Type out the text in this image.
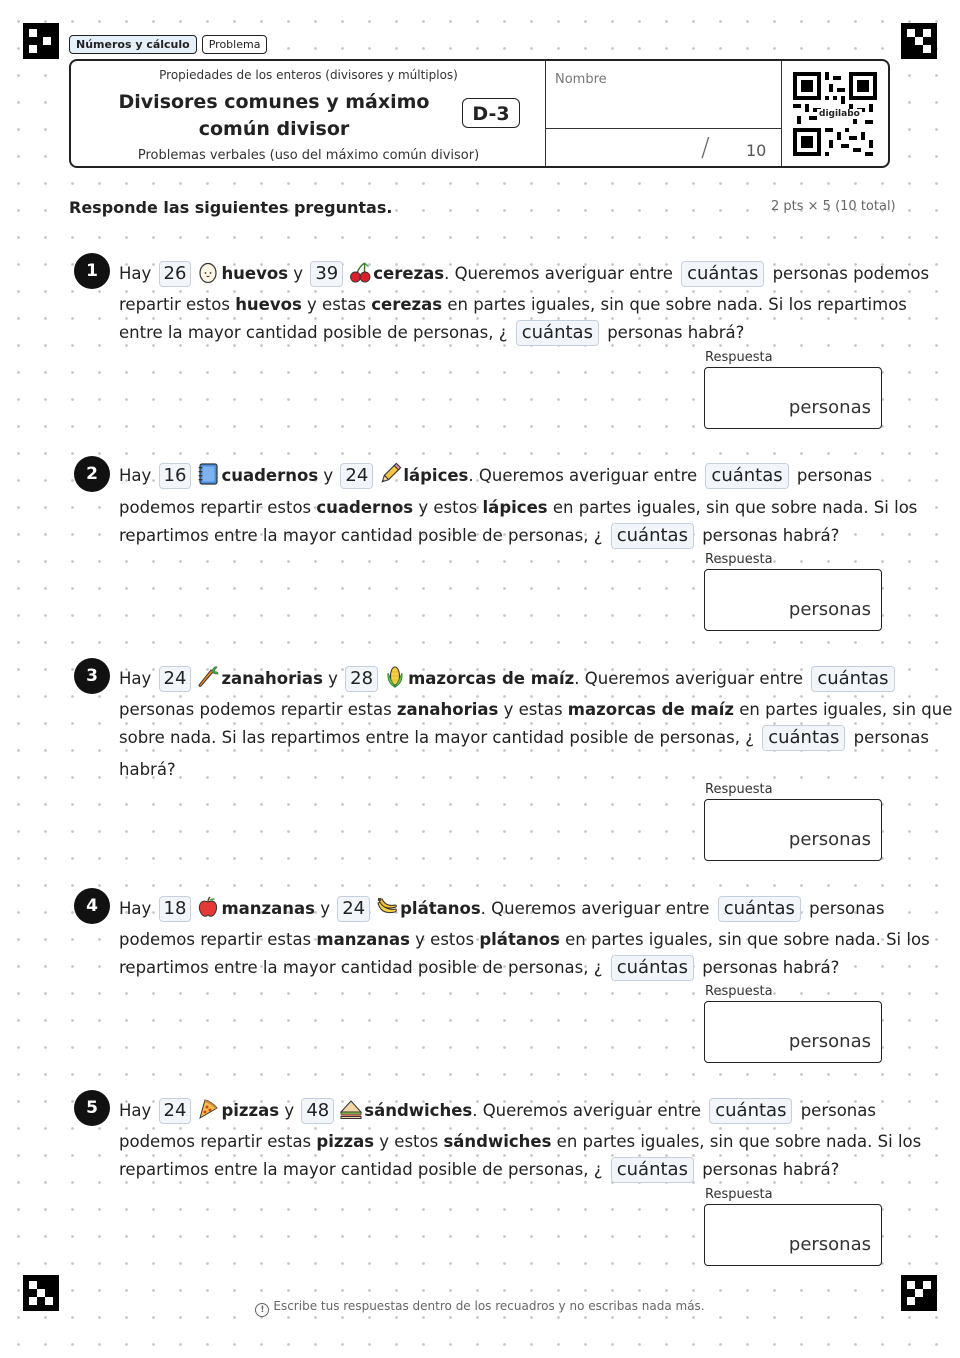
Números y cálculo	Problema
Propiedades de los enteros (divisores y múltiplos)
Divisores comunes y máximo común divisor
D-3
Problemas verbales (uso del máximo común divisor)
Nombre
/ 10
digilabo
Responde las siguientes preguntas.	2 pts × 5 (10 total)
1	Hay 26 huevos y 39 cerezas. Queremos averiguar entre cuántas personas podemos
repartir estos huevos y estas cerezas en partes iguales, sin que sobre nada. Si los repartimos
entre la mayor cantidad posible de personas, ¿ cuántas personas habrá?
Respuesta
personas
2	Hay 16 cuadernos y 24 lápices. Queremos averiguar entre cuántas personas
podemos repartir estos cuadernos y estos lápices en partes iguales, sin que sobre nada. Si los
repartimos entre la mayor cantidad posible de personas, ¿ cuántas personas habrá?
Respuesta
personas
3	Hay 24 zanahorias y 28 mazorcas de maíz. Queremos averiguar entre cuántas
personas podemos repartir estas zanahorias y estas mazorcas de maíz en partes iguales, sin que
sobre nada. Si las repartimos entre la mayor cantidad posible de personas, ¿ cuántas personas
habrá?
Respuesta
personas
4	Hay 18 manzanas y 24 plátanos. Queremos averiguar entre cuántas personas
podemos repartir estas manzanas y estos plátanos en partes iguales, sin que sobre nada. Si los
repartimos entre la mayor cantidad posible de personas, ¿ cuántas personas habrá?
Respuesta
personas
5	Hay 24 pizzas y 48 sándwiches. Queremos averiguar entre cuántas personas
podemos repartir estas pizzas y estos sándwiches en partes iguales, sin que sobre nada. Si los
repartimos entre la mayor cantidad posible de personas, ¿ cuántas personas habrá?
Respuesta
personas
! Escribe tus respuestas dentro de los recuadros y no escribas nada más.
